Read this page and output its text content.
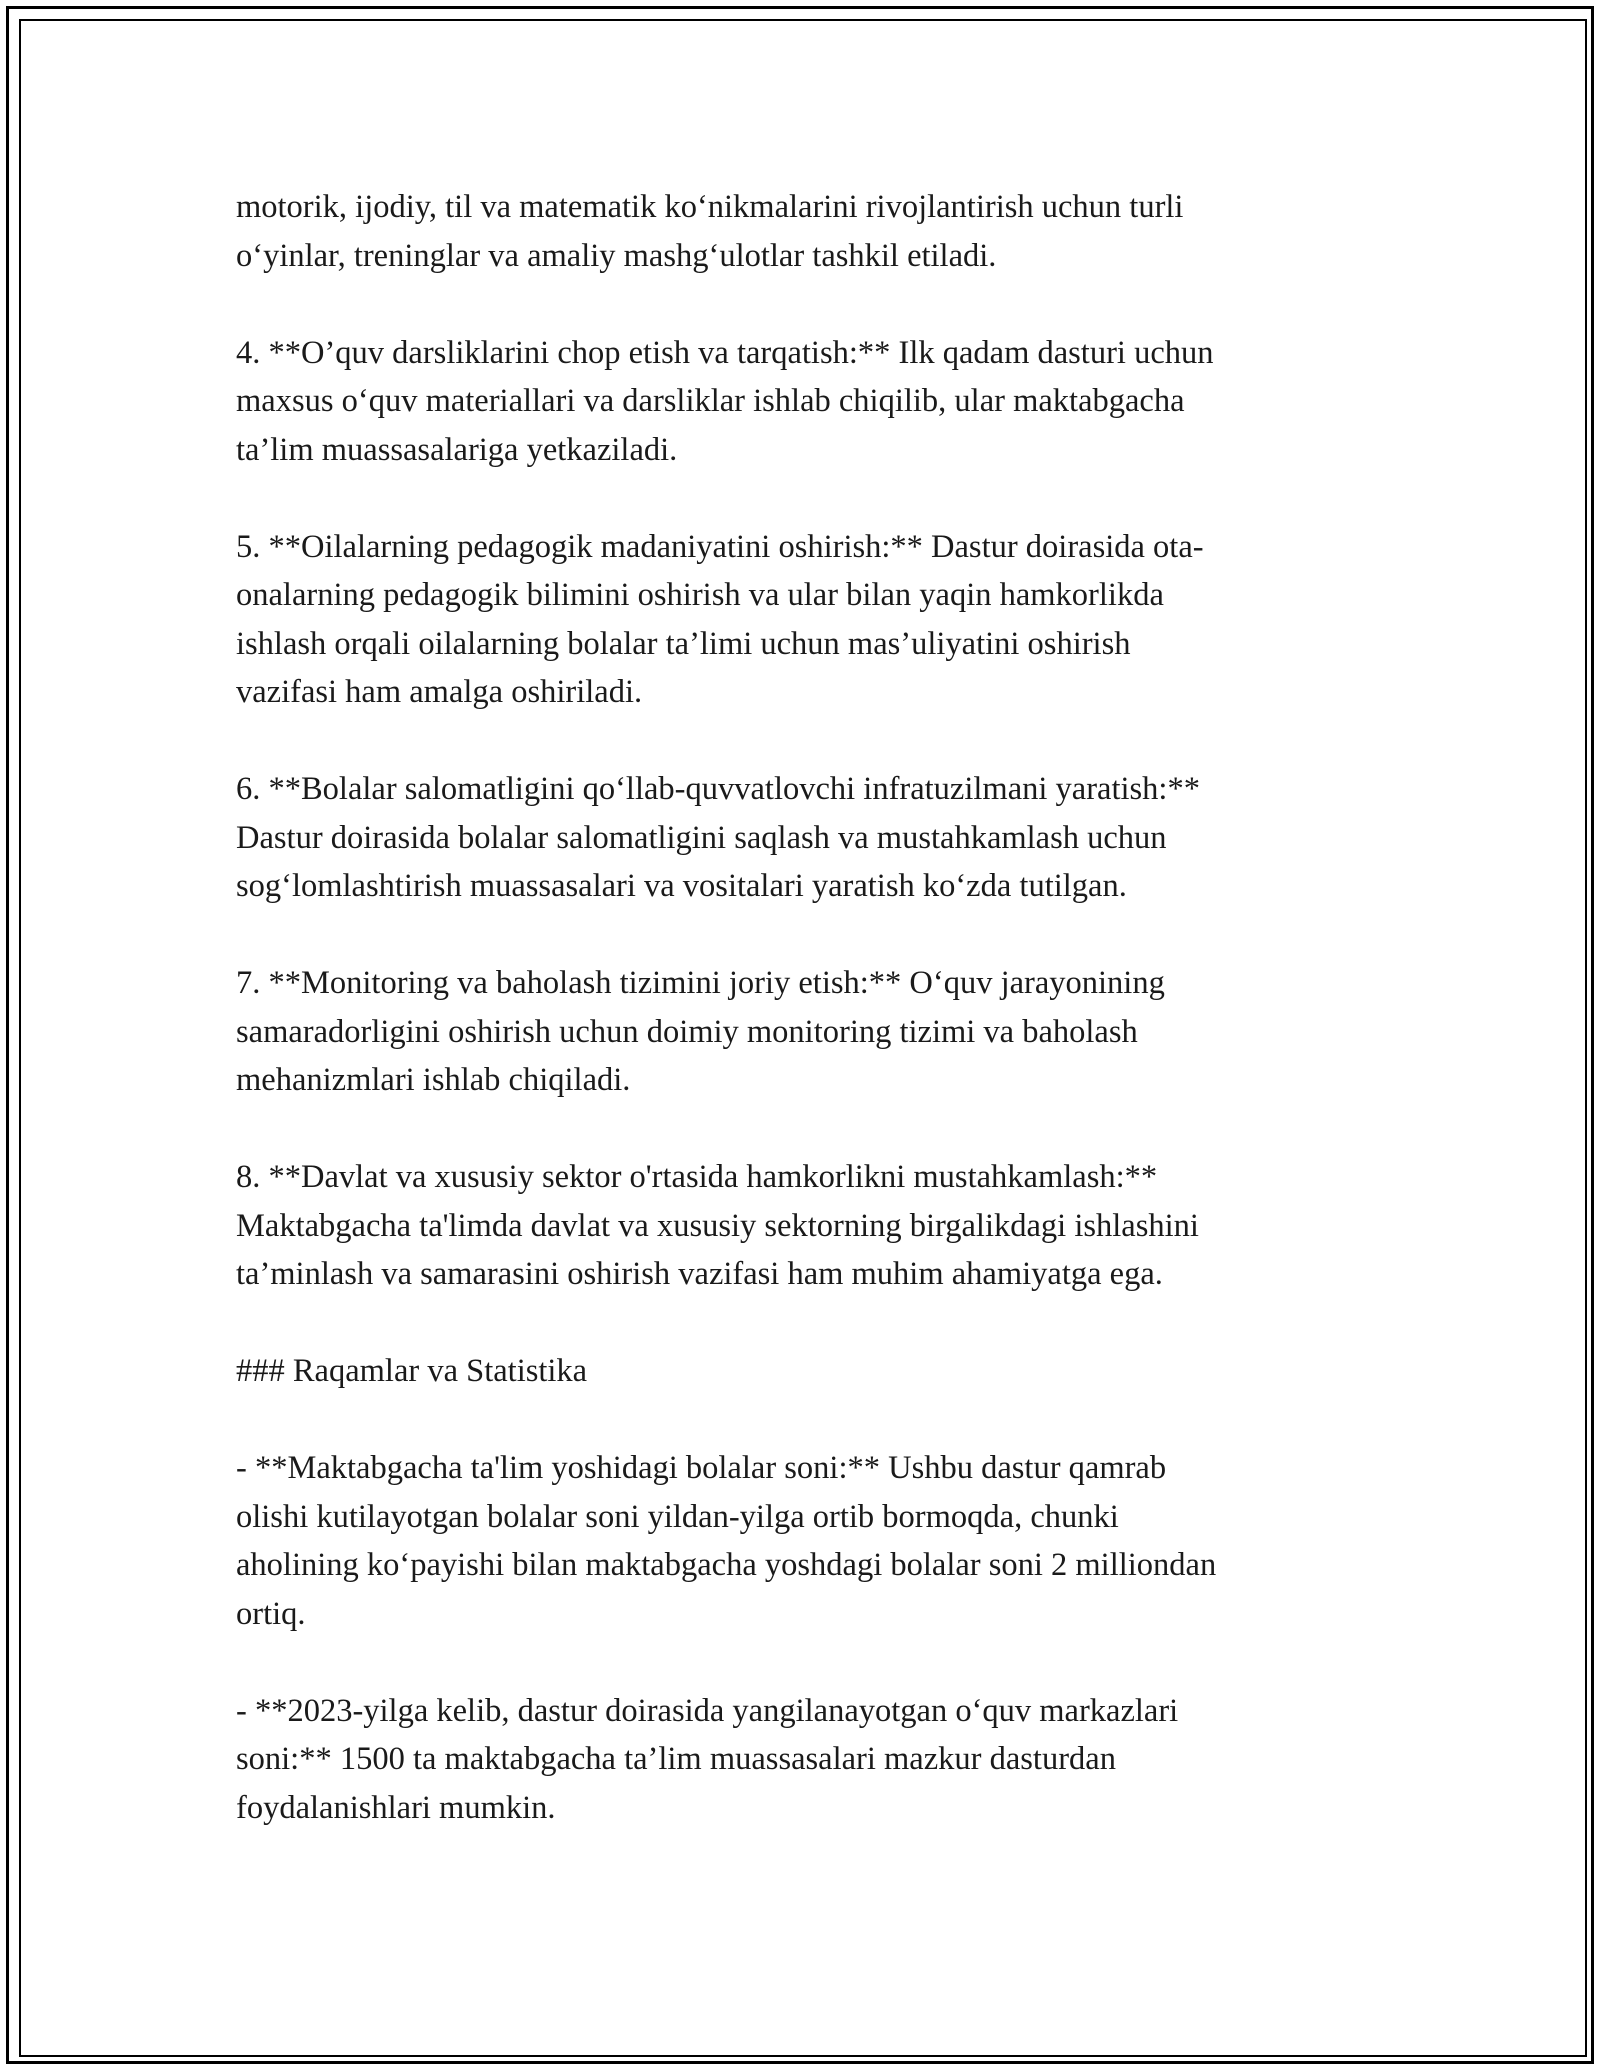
motorik, ijodiy, til va matematik ko‘nikmalarini rivojlantirish uchun turli
o‘yinlar, treninglar va amaliy mashg‘ulotlar tashkil etiladi.

4. **O’quv darsliklarini chop etish va tarqatish:** Ilk qadam dasturi uchun
maxsus o‘quv materiallari va darsliklar ishlab chiqilib, ular maktabgacha
ta’lim muassasalariga yetkaziladi.

5. **Oilalarning pedagogik madaniyatini oshirish:** Dastur doirasida ota-
onalarning pedagogik bilimini oshirish va ular bilan yaqin hamkorlikda
ishlash orqali oilalarning bolalar ta’limi uchun mas’uliyatini oshirish
vazifasi ham amalga oshiriladi.

6. **Bolalar salomatligini qo‘llab-quvvatlovchi infratuzilmani yaratish:**
Dastur doirasida bolalar salomatligini saqlash va mustahkamlash uchun
sog‘lomlashtirish muassasalari va vositalari yaratish ko‘zda tutilgan.

7. **Monitoring va baholash tizimini joriy etish:** O‘quv jarayonining
samaradorligini oshirish uchun doimiy monitoring tizimi va baholash
mehanizmlari ishlab chiqiladi.

8. **Davlat va xususiy sektor o'rtasida hamkorlikni mustahkamlash:**
Maktabgacha ta'limda davlat va xususiy sektorning birgalikdagi ishlashini
ta’minlash va samarasini oshirish vazifasi ham muhim ahamiyatga ega.

### Raqamlar va Statistika

- **Maktabgacha ta'lim yoshidagi bolalar soni:** Ushbu dastur qamrab
olishi kutilayotgan bolalar soni yildan-yilga ortib bormoqda, chunki
aholining ko‘payishi bilan maktabgacha yoshdagi bolalar soni 2 milliondan
ortiq.

- **2023-yilga kelib, dastur doirasida yangilanayotgan o‘quv markazlari
soni:** 1500 ta maktabgacha ta’lim muassasalari mazkur dasturdan
foydalanishlari mumkin.
